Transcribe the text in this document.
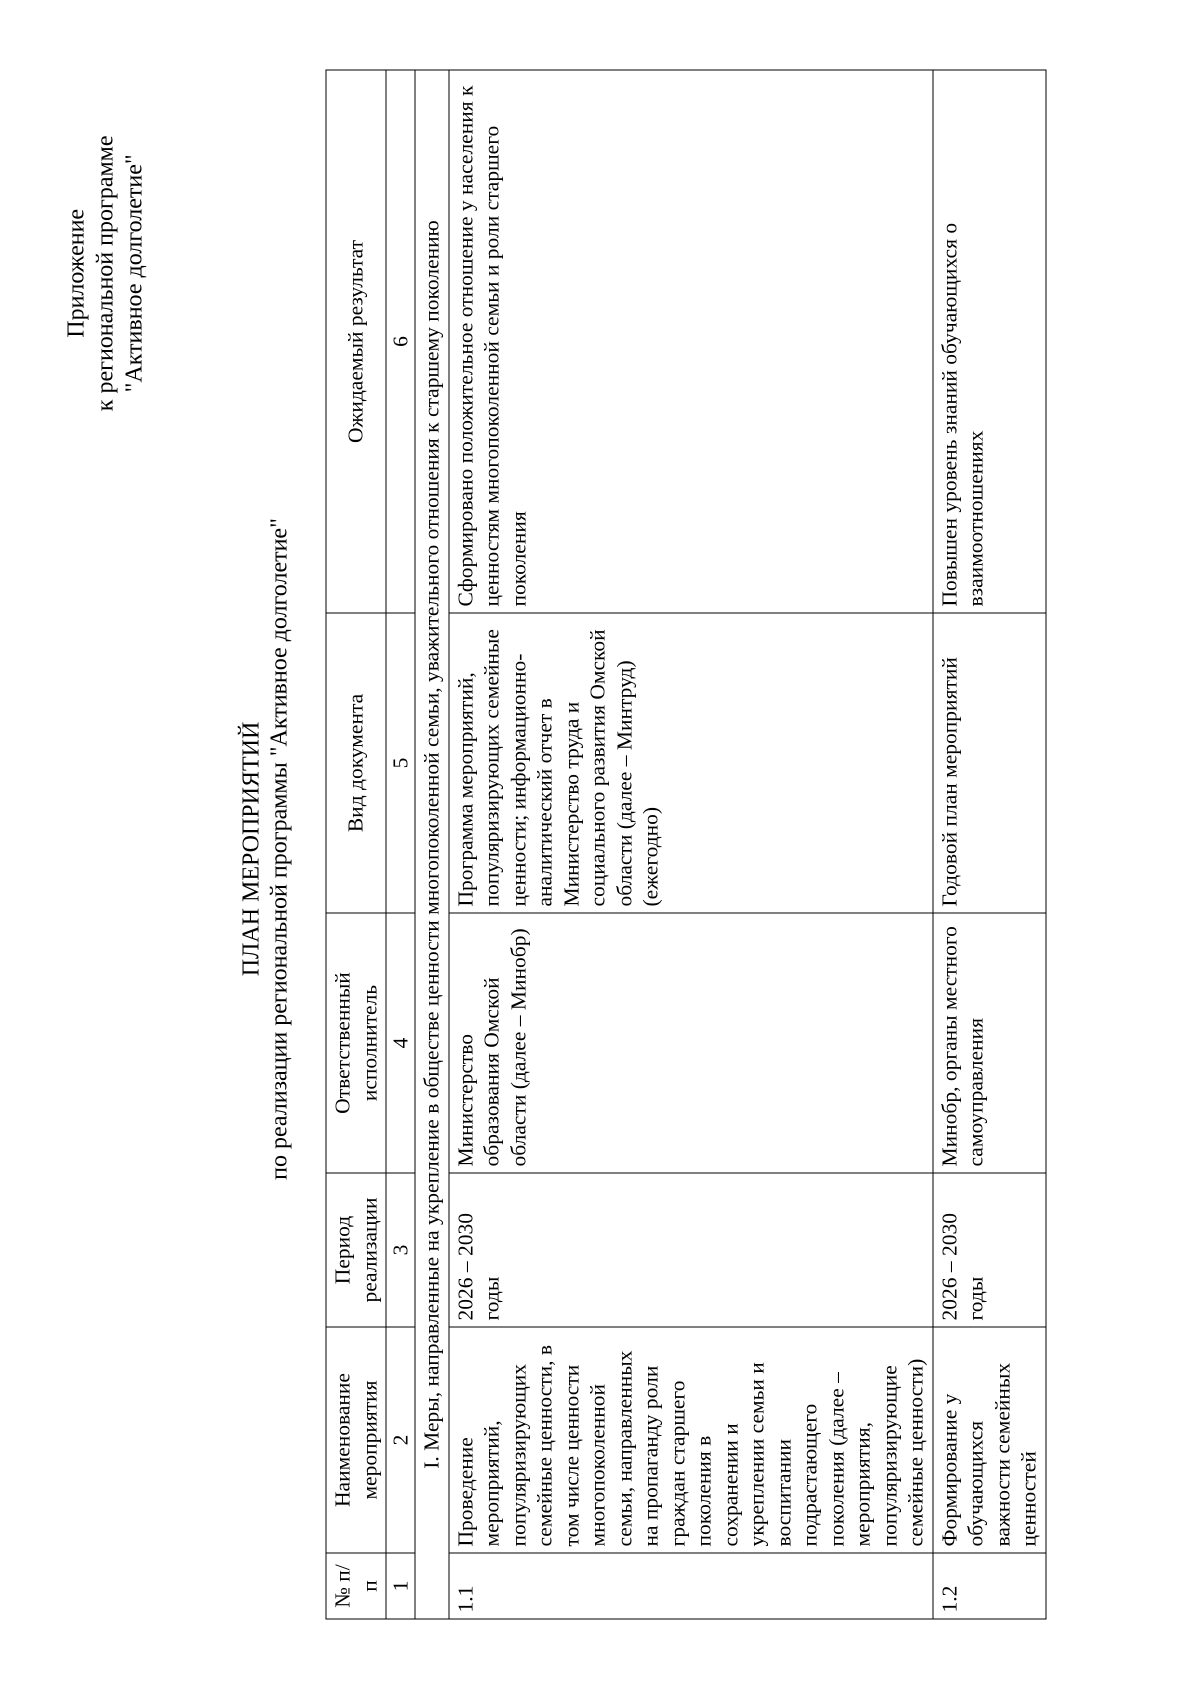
Приложение к региональной программе "Активное долголетие"
ПЛАН МЕРОПРИЯТИЙ по реализации региональной программы "Активное долголетие"
№ п/п	Наименование мероприятия	Период реализации	Ответственный исполнитель	Вид документа	Ожидаемый результат
1	2	3	4	5	6
I. Меры, направленные на укрепление в обществе ценности многопоколенной семьи, уважительного отношения к старшему поколению					
1.1	Проведение мероприятий, популяризирующих семейные ценности, в том числе ценности многопоколенной семьи, направленных на пропаганду роли граждан старшего поколения в сохранении и укреплении семьи и воспитании подрастающего поколения (далее – мероприятия, популяризирующие семейные ценности)	2026 – 2030 годы	Министерство образования Омской области (далее – Минобр)	Программа мероприятий, популяризирующих семейные ценности; информационно-аналитический отчет в Министерство труда и социального развития Омской области (далее – Минтруд) (ежегодно)	Сформировано положительное отношение у населения к ценностям многопоколенной семьи и роли старшего поколения
1.2	Формирование у обучающихся важности семейных ценностей	2026 – 2030 годы	Минобр, органы местного самоуправления	Годовой план мероприятий	Повышен уровень знаний обучающихся о взаимоотношениях
